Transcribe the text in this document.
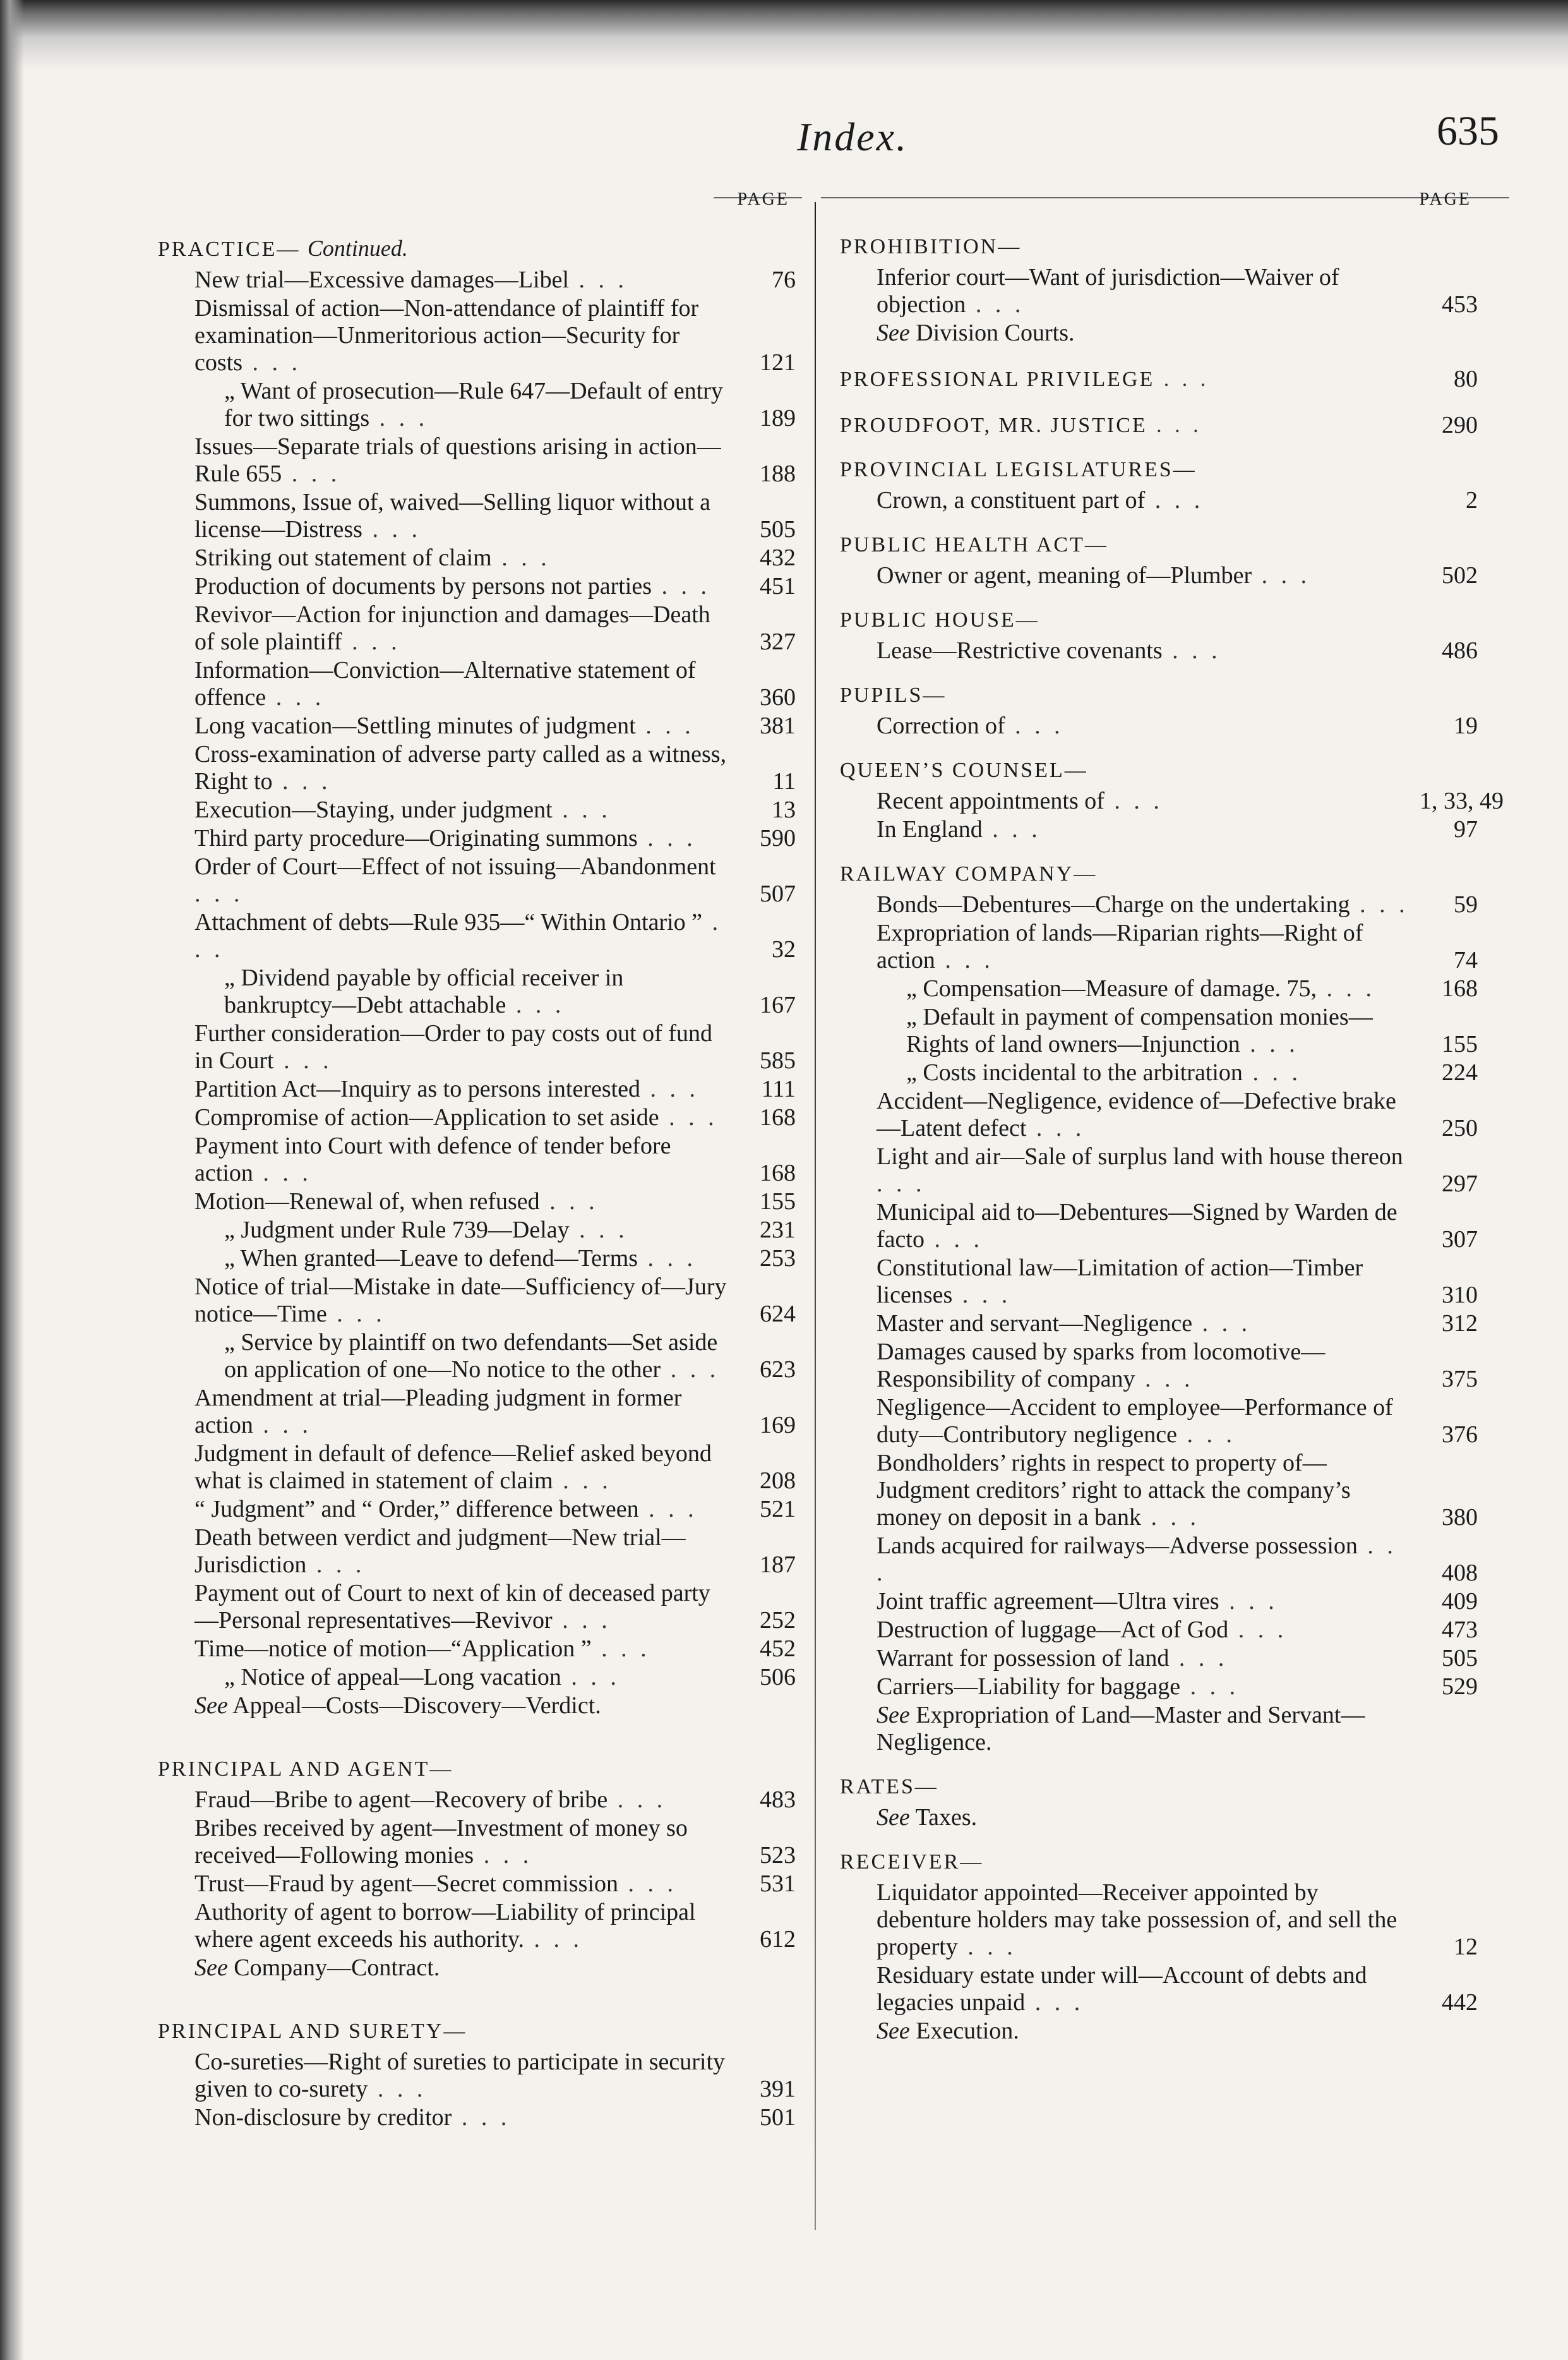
Index.	635
PAGE
PRACTICE— Continued.
New trial—Excessive damages—Libel . . .	76
Dismissal of action—Non-attendance of plaintiff for examination—Unmeritorious action—Security for costs . . .	121
„ Want of prosecution—Rule 647—Default of entry for two sittings . . .	189
Issues—Separate trials of questions arising in action—Rule 655 . . .	188
Summons, Issue of, waived—Selling liquor without a license—Distress . . .	505
Striking out statement of claim . . .	432
Production of documents by persons not parties . . .	451
Revivor—Action for injunction and damages—Death of sole plaintiff . . .	327
Information—Conviction—Alternative statement of offence . . .	360
Long vacation—Settling minutes of judgment . . .	381
Cross-examination of adverse party called as a witness, Right to . . .	11
Execution—Staying, under judgment . . .	13
Third party procedure—Originating summons . . .	590
Order of Court—Effect of not issuing—Abandonment . . .	507
Attachment of debts—Rule 935—“ Within Ontario ” . . .	32
„ Dividend payable by official receiver in bankruptcy—Debt attachable . . .	167
Further consideration—Order to pay costs out of fund in Court . . .	585
Partition Act—Inquiry as to persons interested . . .	111
Compromise of action—Application to set aside . . .	168
Payment into Court with defence of tender before action . . .	168
Motion—Renewal of, when refused . . .	155
„ Judgment under Rule 739—Delay . . .	231
„ When granted—Leave to defend—Terms . . .	253
Notice of trial—Mistake in date—Sufficiency of—Jury notice—Time . . .	624
„ Service by plaintiff on two defendants—Set aside on application of one—No notice to the other . . .	623
Amendment at trial—Pleading judgment in former action . . .	169
Judgment in default of defence—Relief asked beyond what is claimed in statement of claim . . .	208
“ Judgment” and “ Order,” difference between . . .	521
Death between verdict and judgment—New trial—Jurisdiction . . .	187
Payment out of Court to next of kin of deceased party—Personal representatives—Revivor . . .	252
Time—notice of motion—“Application ” . . .	452
„ Notice of appeal—Long vacation . . .	506
See Appeal—Costs—Discovery—Verdict.
PRINCIPAL AND AGENT—
Fraud—Bribe to agent—Recovery of bribe . . .	483
Bribes received by agent—Investment of money so received—Following monies . . .	523
Trust—Fraud by agent—Secret commission . . .	531
Authority of agent to borrow—Liability of principal where agent exceeds his authority. . . .	612
See Company—Contract.
PRINCIPAL AND SURETY—
Co-sureties—Right of sureties to participate in security given to co-surety . . .	391
Non-disclosure by creditor . . .	501
PAGE
PROHIBITION—
Inferior court—Want of jurisdiction—Waiver of objection . . .	453
See Division Courts.
PROFESSIONAL PRIVILEGE . . .	80
PROUDFOOT, MR. JUSTICE . . .	290
PROVINCIAL LEGISLATURES—
Crown, a constituent part of . . .	2
PUBLIC HEALTH ACT—
Owner or agent, meaning of—Plumber . . .	502
PUBLIC HOUSE—
Lease—Restrictive covenants . . .	486
PUPILS—
Correction of . . .	19
QUEEN’S COUNSEL—
Recent appointments of . . .	1, 33, 49
In England . . .	97
RAILWAY COMPANY—
Bonds—Debentures—Charge on the undertaking . . .	59
Expropriation of lands—Riparian rights—Right of action . . .	74
„ Compensation—Measure of damage. 75, . . .	168
„ Default in payment of compensation monies—Rights of land owners—Injunction . . .	155
„ Costs incidental to the arbitration . . .	224
Accident—Negligence, evidence of—Defective brake—Latent defect . . .	250
Light and air—Sale of surplus land with house thereon . . .	297
Municipal aid to—Debentures—Signed by Warden de facto . . .	307
Constitutional law—Limitation of action—Timber licenses . . .	310
Master and servant—Negligence . . .	312
Damages caused by sparks from locomotive—Responsibility of company . . .	375
Negligence—Accident to employee—Performance of duty—Contributory negligence . . .	376
Bondholders’ rights in respect to property of—Judgment creditors’ right to attack the company’s money on deposit in a bank . . .	380
Lands acquired for railways—Adverse possession . . .	408
Joint traffic agreement—Ultra vires . . .	409
Destruction of luggage—Act of God . . .	473
Warrant for possession of land . . .	505
Carriers—Liability for baggage . . .	529
See Expropriation of Land—Master and Servant—Negligence.
RATES—
See Taxes.
RECEIVER—
Liquidator appointed—Receiver appointed by debenture holders may take possession of, and sell the property . . .	12
Residuary estate under will—Account of debts and legacies unpaid . . .	442
See Execution.
